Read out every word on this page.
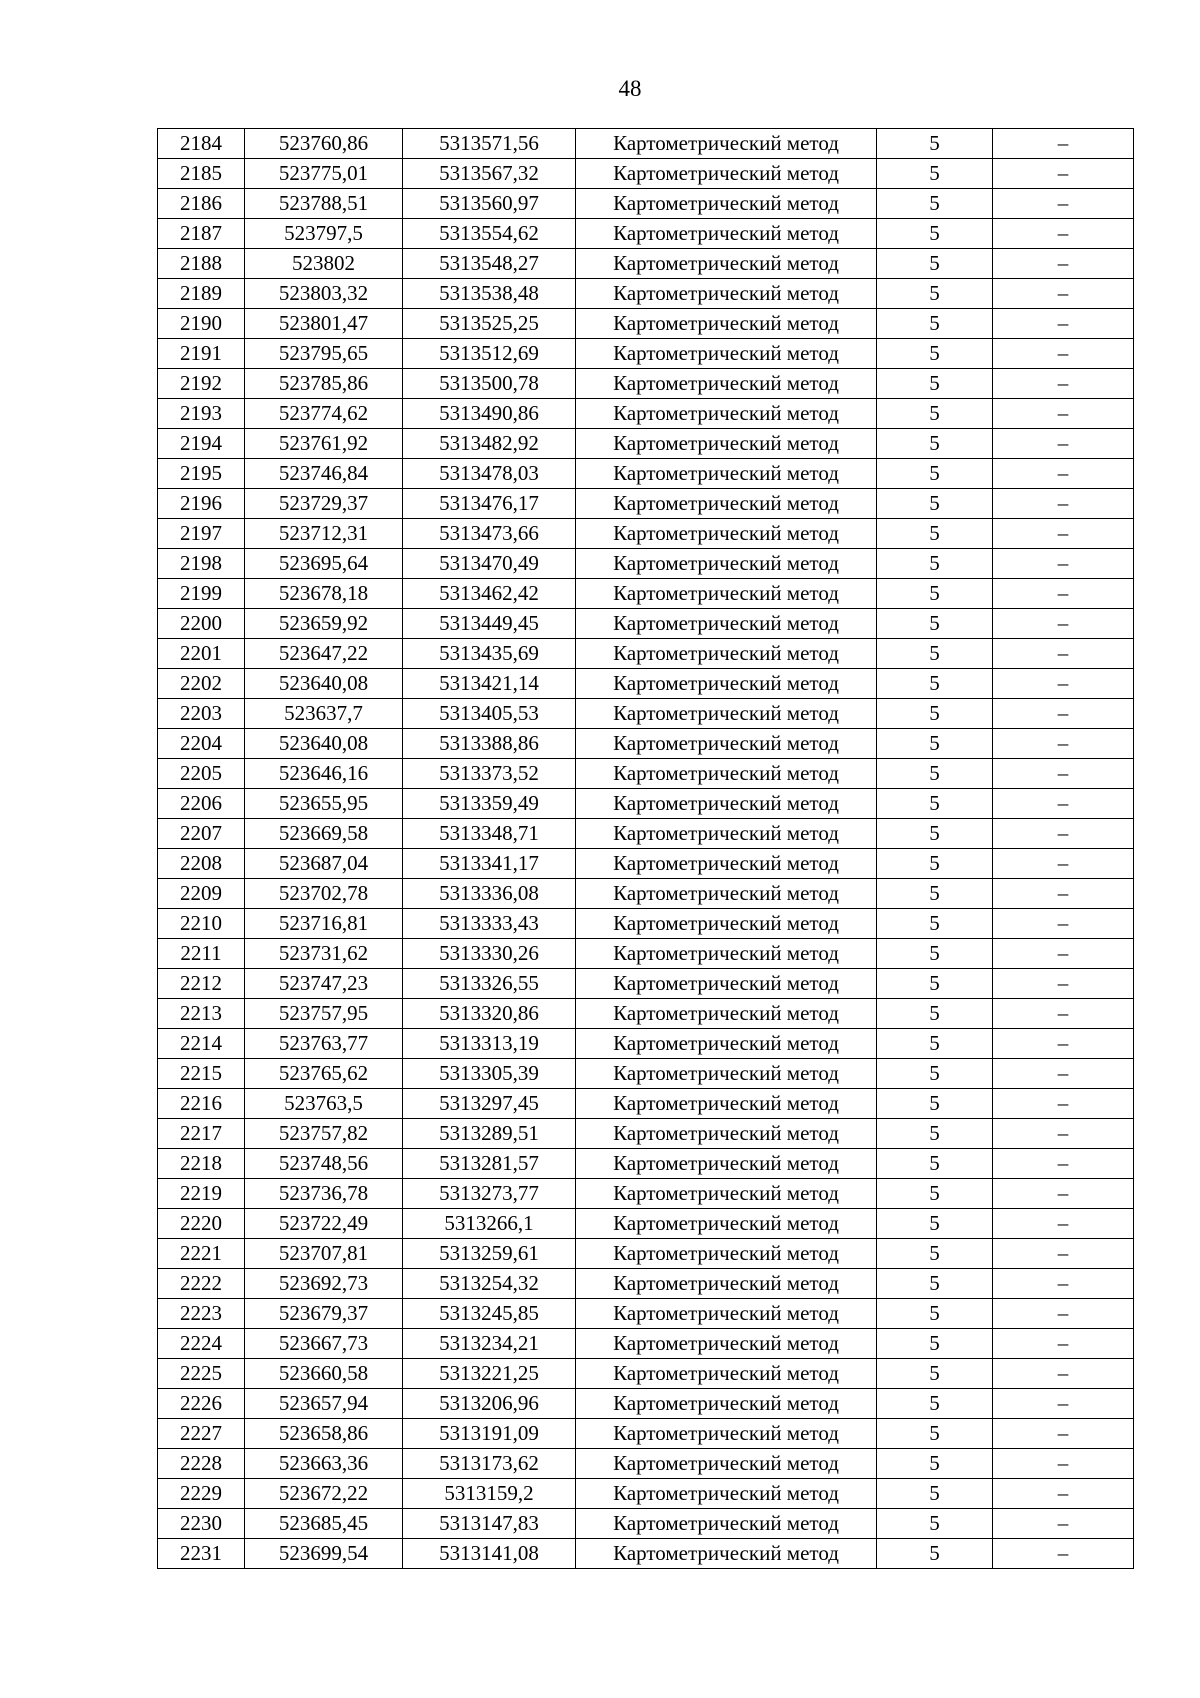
48
2184	523760,86	5313571,56	Картометрический метод	5	–
2185	523775,01	5313567,32	Картометрический метод	5	–
2186	523788,51	5313560,97	Картометрический метод	5	–
2187	523797,5	5313554,62	Картометрический метод	5	–
2188	523802	5313548,27	Картометрический метод	5	–
2189	523803,32	5313538,48	Картометрический метод	5	–
2190	523801,47	5313525,25	Картометрический метод	5	–
2191	523795,65	5313512,69	Картометрический метод	5	–
2192	523785,86	5313500,78	Картометрический метод	5	–
2193	523774,62	5313490,86	Картометрический метод	5	–
2194	523761,92	5313482,92	Картометрический метод	5	–
2195	523746,84	5313478,03	Картометрический метод	5	–
2196	523729,37	5313476,17	Картометрический метод	5	–
2197	523712,31	5313473,66	Картометрический метод	5	–
2198	523695,64	5313470,49	Картометрический метод	5	–
2199	523678,18	5313462,42	Картометрический метод	5	–
2200	523659,92	5313449,45	Картометрический метод	5	–
2201	523647,22	5313435,69	Картометрический метод	5	–
2202	523640,08	5313421,14	Картометрический метод	5	–
2203	523637,7	5313405,53	Картометрический метод	5	–
2204	523640,08	5313388,86	Картометрический метод	5	–
2205	523646,16	5313373,52	Картометрический метод	5	–
2206	523655,95	5313359,49	Картометрический метод	5	–
2207	523669,58	5313348,71	Картометрический метод	5	–
2208	523687,04	5313341,17	Картометрический метод	5	–
2209	523702,78	5313336,08	Картометрический метод	5	–
2210	523716,81	5313333,43	Картометрический метод	5	–
2211	523731,62	5313330,26	Картометрический метод	5	–
2212	523747,23	5313326,55	Картометрический метод	5	–
2213	523757,95	5313320,86	Картометрический метод	5	–
2214	523763,77	5313313,19	Картометрический метод	5	–
2215	523765,62	5313305,39	Картометрический метод	5	–
2216	523763,5	5313297,45	Картометрический метод	5	–
2217	523757,82	5313289,51	Картометрический метод	5	–
2218	523748,56	5313281,57	Картометрический метод	5	–
2219	523736,78	5313273,77	Картометрический метод	5	–
2220	523722,49	5313266,1	Картометрический метод	5	–
2221	523707,81	5313259,61	Картометрический метод	5	–
2222	523692,73	5313254,32	Картометрический метод	5	–
2223	523679,37	5313245,85	Картометрический метод	5	–
2224	523667,73	5313234,21	Картометрический метод	5	–
2225	523660,58	5313221,25	Картометрический метод	5	–
2226	523657,94	5313206,96	Картометрический метод	5	–
2227	523658,86	5313191,09	Картометрический метод	5	–
2228	523663,36	5313173,62	Картометрический метод	5	–
2229	523672,22	5313159,2	Картометрический метод	5	–
2230	523685,45	5313147,83	Картометрический метод	5	–
2231	523699,54	5313141,08	Картометрический метод	5	–
